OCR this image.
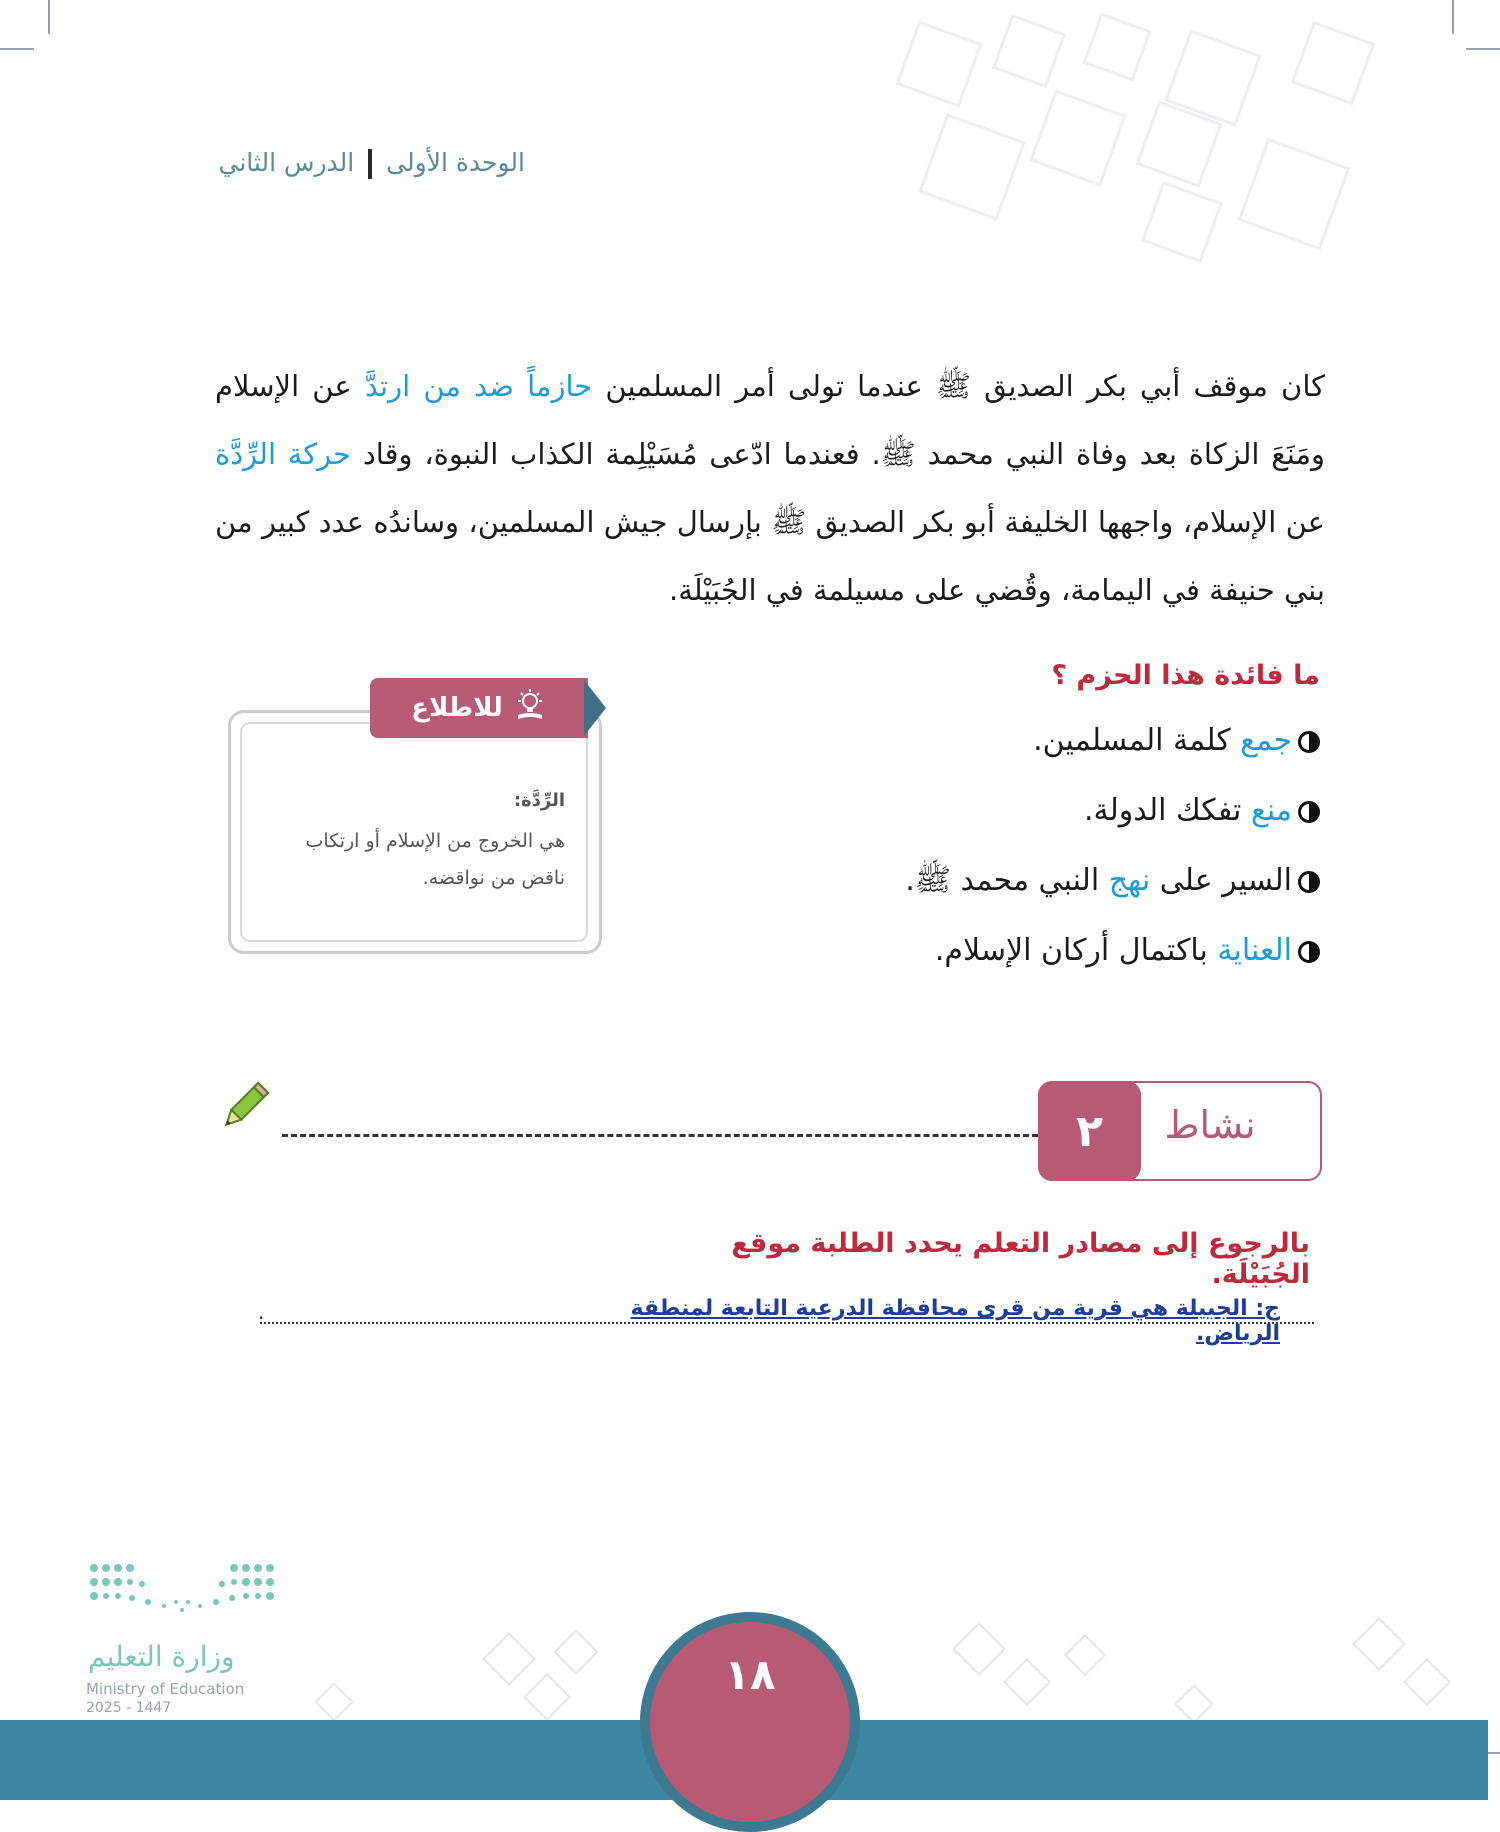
الوحدة الأولى  الدرس الثاني
كان موقف أبي بكر الصديق ﷺ عندما تولى أمر المسلمين حازماً ضد من ارتدَّ عن الإسلام ومَنَعَ الزكاة بعد وفاة النبي محمد ﷺ. فعندما ادّعى مُسَيْلِمة الكذاب النبوة، وقاد حركة الرِّدَّة عن الإسلام، واجهها الخليفة أبو بكر الصديق ﷺ بإرسال جيش المسلمين، وساندُه عدد كبير من بني حنيفة في اليمامة، وقُضي على مسيلمة في الجُبَيْلَة.
ما فائدة هذا الحزم ؟
جمع كلمة المسلمين.
منع تفكك الدولة.
السير على نهج النبي محمد ﷺ.
العناية باكتمال أركان الإسلام.
للاطلاع
الرِّدَّة:
هي الخروج من الإسلام أو ارتكاب ناقض من نواقضه.
نشاط
٢
بالرجوع إلى مصادر التعلم يحدد الطلبة موقع الجُبَيْلَة.
ج: الجبيلة هي قرية من قرى محافظة الدرعية التابعة لمنطقة الرياض.
.
١٨
وزارة التعليم
Ministry of Education
2025 - 1447
